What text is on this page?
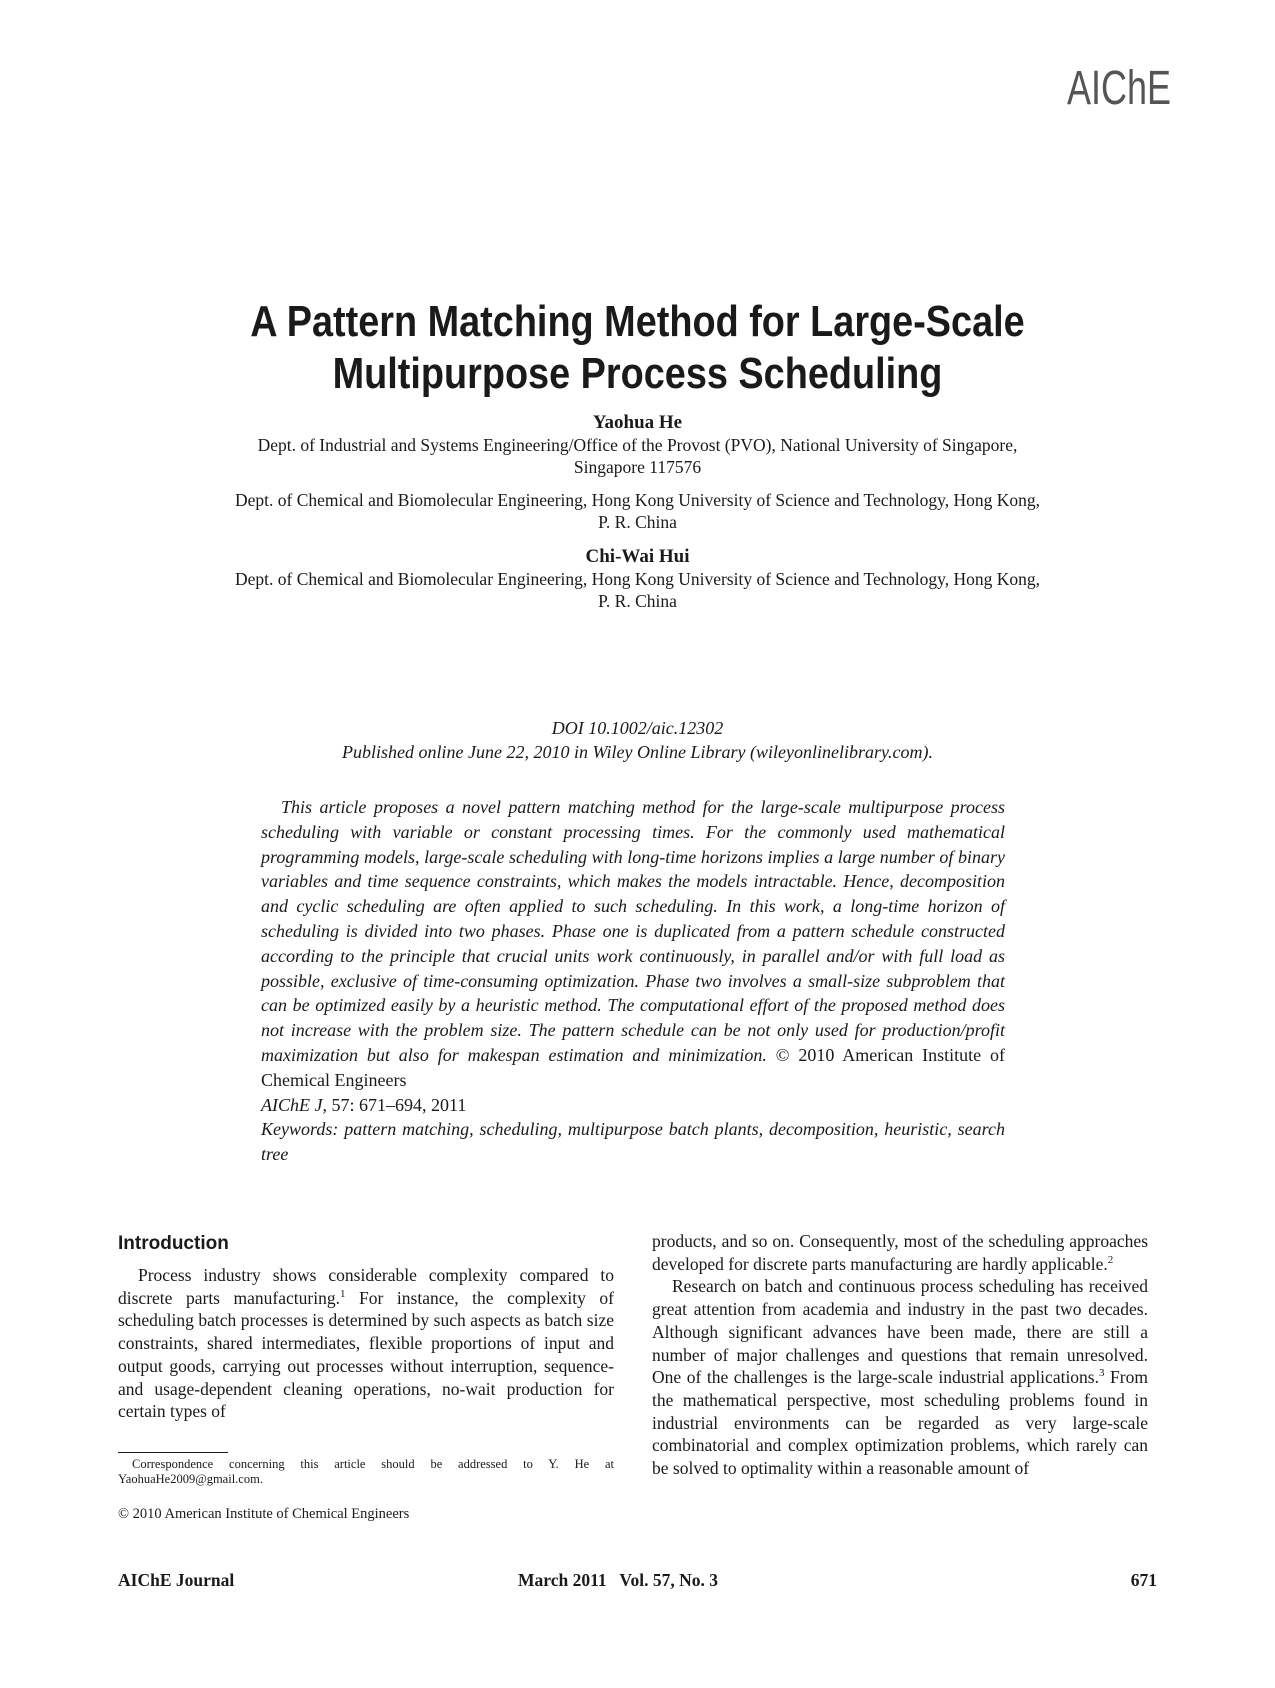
AIChE
A Pattern Matching Method for Large-Scale
Multipurpose Process Scheduling
Yaohua He
Dept. of Industrial and Systems Engineering/Office of the Provost (PVO), National University of Singapore,
Singapore 117576
Dept. of Chemical and Biomolecular Engineering, Hong Kong University of Science and Technology, Hong Kong,
P. R. China
Chi-Wai Hui
Dept. of Chemical and Biomolecular Engineering, Hong Kong University of Science and Technology, Hong Kong,
P. R. China
DOI 10.1002/aic.12302
Published online June 22, 2010 in Wiley Online Library (wileyonlinelibrary.com).

This article proposes a novel pattern matching method for the large-scale multipurpose process scheduling with variable or constant processing times. For the commonly used mathematical programming models, large-scale scheduling with long-time horizons implies a large number of binary variables and time sequence constraints, which makes the models intractable. Hence, decomposition and cyclic scheduling are often applied to such scheduling. In this work, a long-time horizon of scheduling is divided into two phases. Phase one is duplicated from a pattern schedule constructed according to the principle that crucial units work continuously, in parallel and/or with full load as possible, exclusive of time-consuming optimization. Phase two involves a small-size subproblem that can be optimized easily by a heuristic method. The computational effort of the proposed method does not increase with the problem size. The pattern schedule can be not only used for production/profit maximization but also for makespan estimation and minimization. © 2010 American Institute of Chemical Engineers

AIChE J, 57: 671–694, 2011

Keywords: pattern matching, scheduling, multipurpose batch plants, decomposition, heuristic, search tree

Introduction

Process industry shows considerable complexity compared to discrete parts manufacturing.$^1$ For instance, the complexity of scheduling batch processes is determined by such aspects as batch size constraints, shared intermediates, flexible proportions of input and output goods, carrying out processes without interruption, sequence- and usage-dependent cleaning operations, no-wait production for certain types of

products, and so on. Consequently, most of the scheduling approaches developed for discrete parts manufacturing are hardly applicable.$^2$

Research on batch and continuous process scheduling has received great attention from academia and industry in the past two decades. Although significant advances have been made, there are still a number of major challenges and questions that remain unresolved. One of the challenges is the large-scale industrial applications.$^3$ From the mathematical perspective, most scheduling problems found in industrial environments can be regarded as very large-scale combinatorial and complex optimization problems, which rarely can be solved to optimality within a reasonable amount of

Correspondence concerning this article should be addressed to Y. He at YaohuaHe2009@gmail.com.
© 2010 American Institute of Chemical Engineers
AIChE Journal	March 2011   Vol. 57, No. 3	671
